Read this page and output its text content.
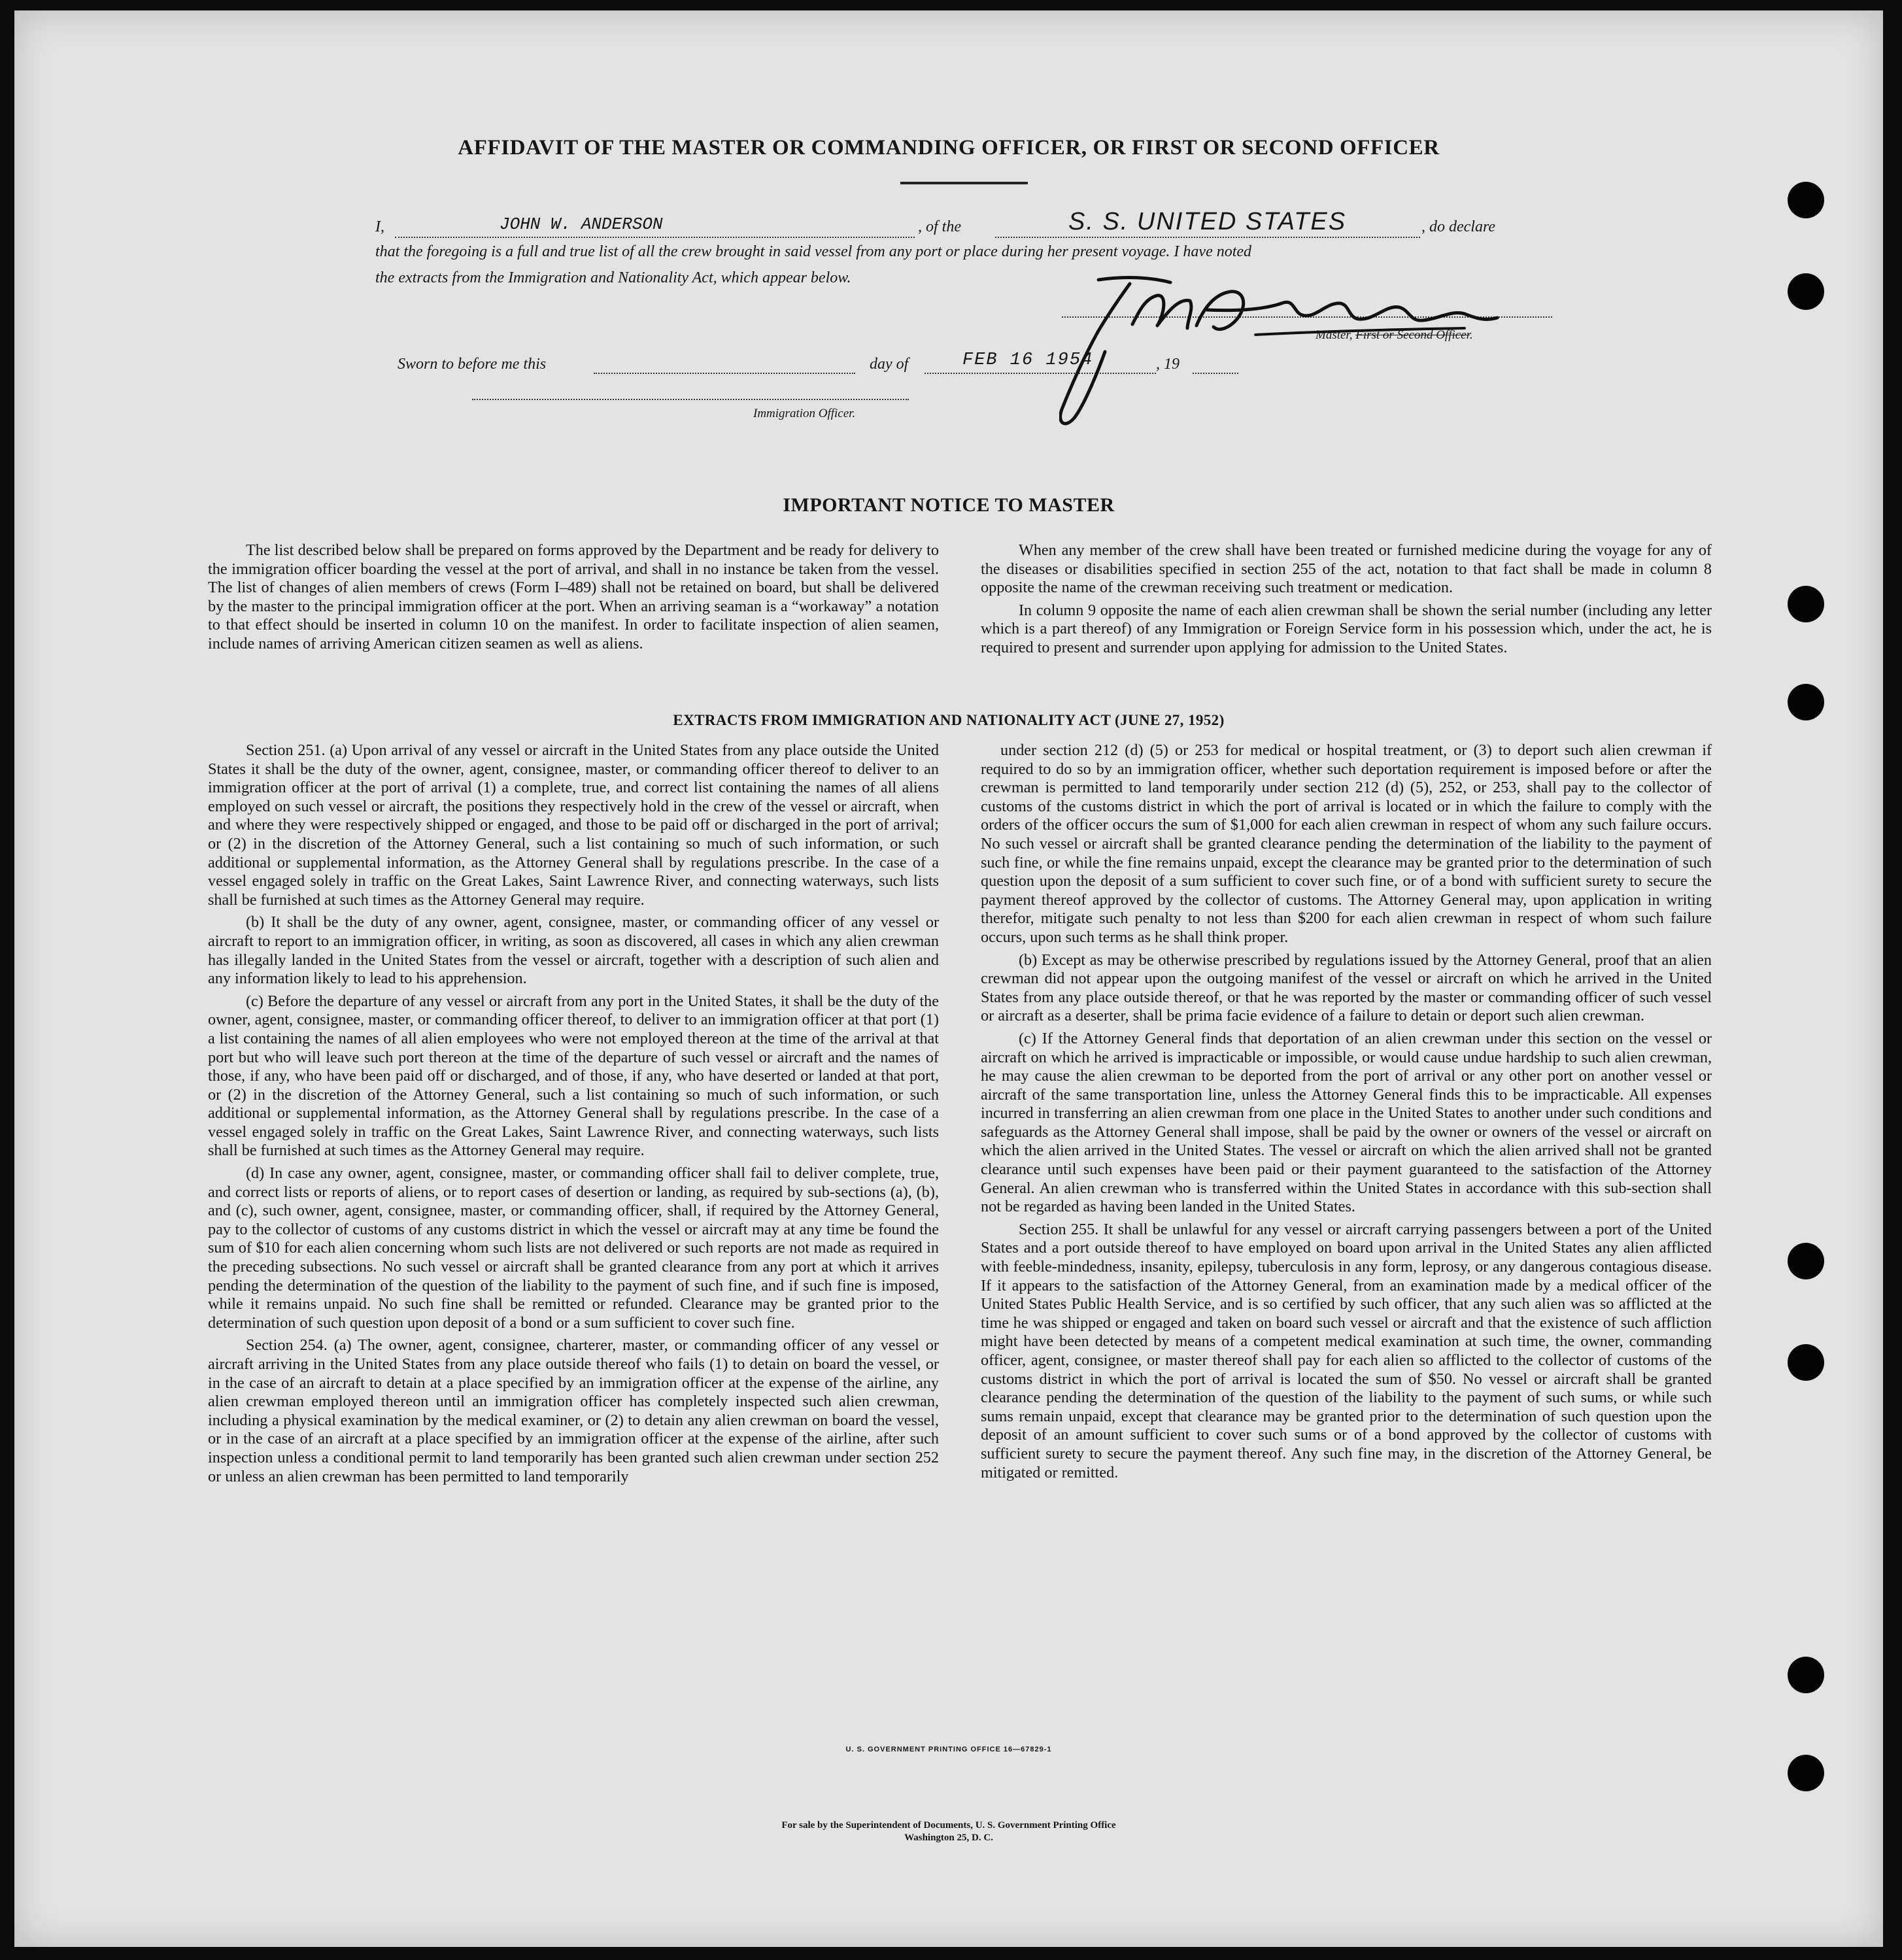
AFFIDAVIT OF THE MASTER OR COMMANDING OFFICER, OR FIRST OR SECOND OFFICER
I,	JOHN W. ANDERSON	, of the	S. S. UNITED STATES	, do declare
that the foregoing is a full and true list of all the crew brought in said vessel from any port or place during her present voyage. I have noted
the extracts from the Immigration and Nationality Act, which appear below.
Master, First or Second Officer.
Sworn to before me this	day of	FEB 16 1954	, 19
Immigration Officer.
IMPORTANT NOTICE TO MASTER

The list described below shall be prepared on forms approved by the Department and be ready for delivery to the immigration officer boarding the vessel at the port of arrival, and shall in no instance be taken from the vessel. The list of changes of alien members of crews (Form I–489) shall not be retained on board, but shall be delivered by the master to the principal immigration officer at the port. When an arriving seaman is a “workaway” a notation to that effect should be inserted in column 10 on the manifest. In order to facilitate inspection of alien seamen, include names of arriving American citizen seamen as well as aliens.

When any member of the crew shall have been treated or furnished medicine during the voyage for any of the diseases or disabilities specified in section 255 of the act, notation to that fact shall be made in column 8 opposite the name of the crewman receiving such treatment or medication.

In column 9 opposite the name of each alien crewman shall be shown the serial number (including any letter which is a part thereof) of any Immigration or Foreign Service form in his possession which, under the act, he is required to present and surrender upon applying for admission to the United States.

EXTRACTS FROM IMMIGRATION AND NATIONALITY ACT (JUNE 27, 1952)

Section 251. (a) Upon arrival of any vessel or aircraft in the United States from any place outside the United States it shall be the duty of the owner, agent, consignee, master, or commanding officer thereof to deliver to an immigration officer at the port of arrival (1) a complete, true, and correct list containing the names of all aliens employed on such vessel or aircraft, the positions they respectively hold in the crew of the vessel or aircraft, when and where they were respectively shipped or engaged, and those to be paid off or discharged in the port of arrival; or (2) in the discretion of the Attorney General, such a list containing so much of such information, or such additional or supplemental information, as the Attorney General shall by regulations prescribe. In the case of a vessel engaged solely in traffic on the Great Lakes, Saint Lawrence River, and connecting waterways, such lists shall be furnished at such times as the Attorney General may require.

(b) It shall be the duty of any owner, agent, consignee, master, or commanding officer of any vessel or aircraft to report to an immigration officer, in writing, as soon as discovered, all cases in which any alien crewman has illegally landed in the United States from the vessel or aircraft, together with a description of such alien and any information likely to lead to his apprehension.

(c) Before the departure of any vessel or aircraft from any port in the United States, it shall be the duty of the owner, agent, consignee, master, or commanding officer thereof, to deliver to an immigration officer at that port (1) a list containing the names of all alien employees who were not employed thereon at the time of the arrival at that port but who will leave such port thereon at the time of the departure of such vessel or aircraft and the names of those, if any, who have been paid off or discharged, and of those, if any, who have deserted or landed at that port, or (2) in the discretion of the Attorney General, such a list containing so much of such information, or such additional or supplemental information, as the Attorney General shall by regulations prescribe. In the case of a vessel engaged solely in traffic on the Great Lakes, Saint Lawrence River, and connecting waterways, such lists shall be furnished at such times as the Attorney General may require.

(d) In case any owner, agent, consignee, master, or commanding officer shall fail to deliver complete, true, and correct lists or reports of aliens, or to report cases of desertion or landing, as required by sub-sections (a), (b), and (c), such owner, agent, consignee, master, or commanding officer, shall, if required by the Attorney General, pay to the collector of customs of any customs district in which the vessel or aircraft may at any time be found the sum of $10 for each alien concerning whom such lists are not delivered or such reports are not made as required in the preceding subsections. No such vessel or aircraft shall be granted clearance from any port at which it arrives pending the determination of the question of the liability to the payment of such fine, and if such fine is imposed, while it remains unpaid. No such fine shall be remitted or refunded. Clearance may be granted prior to the determination of such question upon deposit of a bond or a sum sufficient to cover such fine.

Section 254. (a) The owner, agent, consignee, charterer, master, or commanding officer of any vessel or aircraft arriving in the United States from any place outside thereof who fails (1) to detain on board the vessel, or in the case of an aircraft to detain at a place specified by an immigration officer at the expense of the airline, any alien crewman employed thereon until an immigration officer has completely inspected such alien crewman, including a physical examination by the medical examiner, or (2) to detain any alien crewman on board the vessel, or in the case of an aircraft at a place specified by an immigration officer at the expense of the airline, after such inspection unless a conditional permit to land temporarily has been granted such alien crewman under section 252 or unless an alien crewman has been permitted to land temporarily

under section 212 (d) (5) or 253 for medical or hospital treatment, or (3) to deport such alien crewman if required to do so by an immigration officer, whether such deportation requirement is imposed before or after the crewman is permitted to land temporarily under section 212 (d) (5), 252, or 253, shall pay to the collector of customs of the customs district in which the port of arrival is located or in which the failure to comply with the orders of the officer occurs the sum of $1,000 for each alien crewman in respect of whom any such failure occurs. No such vessel or aircraft shall be granted clearance pending the determination of the liability to the payment of such fine, or while the fine remains unpaid, except the clearance may be granted prior to the determination of such question upon the deposit of a sum sufficient to cover such fine, or of a bond with sufficient surety to secure the payment thereof approved by the collector of customs. The Attorney General may, upon application in writing therefor, mitigate such penalty to not less than $200 for each alien crewman in respect of whom such failure occurs, upon such terms as he shall think proper.

(b) Except as may be otherwise prescribed by regulations issued by the Attorney General, proof that an alien crewman did not appear upon the outgoing manifest of the vessel or aircraft on which he arrived in the United States from any place outside thereof, or that he was reported by the master or commanding officer of such vessel or aircraft as a deserter, shall be prima facie evidence of a failure to detain or deport such alien crewman.

(c) If the Attorney General finds that deportation of an alien crewman under this section on the vessel or aircraft on which he arrived is impracticable or impossible, or would cause undue hardship to such alien crewman, he may cause the alien crewman to be deported from the port of arrival or any other port on another vessel or aircraft of the same transportation line, unless the Attorney General finds this to be impracticable. All expenses incurred in transferring an alien crewman from one place in the United States to another under such conditions and safeguards as the Attorney General shall impose, shall be paid by the owner or owners of the vessel or aircraft on which the alien arrived in the United States. The vessel or aircraft on which the alien arrived shall not be granted clearance until such expenses have been paid or their payment guaranteed to the satisfaction of the Attorney General. An alien crewman who is transferred within the United States in accordance with this sub-section shall not be regarded as having been landed in the United States.

Section 255. It shall be unlawful for any vessel or aircraft carrying passengers between a port of the United States and a port outside thereof to have employed on board upon arrival in the United States any alien afflicted with feeble-mindedness, insanity, epilepsy, tuberculosis in any form, leprosy, or any dangerous contagious disease. If it appears to the satisfaction of the Attorney General, from an examination made by a medical officer of the United States Public Health Service, and is so certified by such officer, that any such alien was so afflicted at the time he was shipped or engaged and taken on board such vessel or aircraft and that the existence of such affliction might have been detected by means of a competent medical examination at such time, the owner, commanding officer, agent, consignee, or master thereof shall pay for each alien so afflicted to the collector of customs of the customs district in which the port of arrival is located the sum of $50. No vessel or aircraft shall be granted clearance pending the determination of the question of the liability to the payment of such sums, or while such sums remain unpaid, except that clearance may be granted prior to the determination of such question upon the deposit of an amount sufficient to cover such sums or of a bond approved by the collector of customs with sufficient surety to secure the payment thereof. Any such fine may, in the discretion of the Attorney General, be mitigated or remitted.

U. S. GOVERNMENT PRINTING OFFICE 16—67829-1
For sale by the Superintendent of Documents, U. S. Government Printing Office
Washington 25, D. C.
